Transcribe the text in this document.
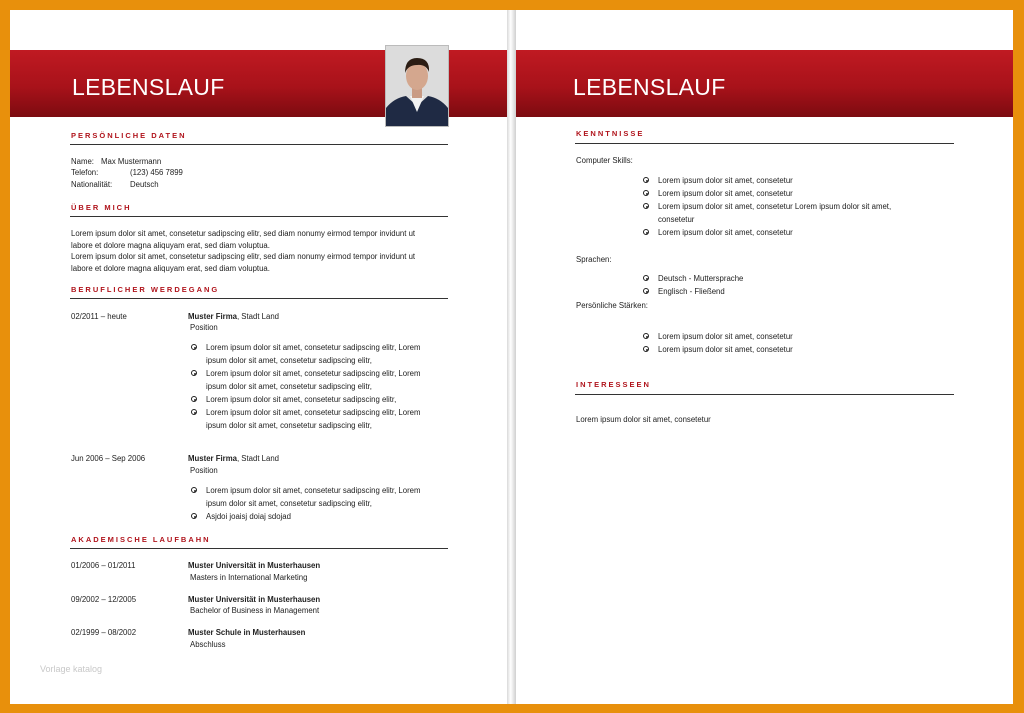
LEBENSLAUF
PERSÖNLICHE DATEN
Name: Max Mustermann
Telefon:	(123) 456 7899
Nationalität: Deutsch
ÜBER MICH
Lorem ipsum dolor sit amet, consetetur sadipscing elitr, sed diam nonumy eirmod tempor invidunt ut
labore et dolore magna aliquyam erat, sed diam voluptua.
Lorem ipsum dolor sit amet, consetetur sadipscing elitr, sed diam nonumy eirmod tempor invidunt ut
labore et dolore magna aliquyam erat, sed diam voluptua.
BERUFLICHER WERDEGANG
02/2011 – heute	Muster Firma, Stadt Land
Position
Lorem ipsum dolor sit amet, consetetur sadipscing elitr, Lorem
ipsum dolor sit amet, consetetur sadipscing elitr,
Lorem ipsum dolor sit amet, consetetur sadipscing elitr, Lorem
ipsum dolor sit amet, consetetur sadipscing elitr,
Lorem ipsum dolor sit amet, consetetur sadipscing elitr,
Lorem ipsum dolor sit amet, consetetur sadipscing elitr, Lorem
ipsum dolor sit amet, consetetur sadipscing elitr,
Jun 2006 – Sep 2006	Muster Firma, Stadt Land
Position
Lorem ipsum dolor sit amet, consetetur sadipscing elitr, Lorem
ipsum dolor sit amet, consetetur sadipscing elitr,
Asjdoi joaisj doiaj sdojad
AKADEMISCHE LAUFBAHN
01/2006 – 01/2011	Muster Universität in Musterhausen
Masters in International Marketing
09/2002 – 12/2005	Muster Universität in Musterhausen
Bachelor of Business in Management
02/1999 – 08/2002	Muster Schule in Musterhausen
Abschluss
Vorlage katalog
LEBENSLAUF
KENNTNISSE
Computer Skills:
Lorem ipsum dolor sit amet, consetetur
Lorem ipsum dolor sit amet, consetetur
Lorem ipsum dolor sit amet, consetetur Lorem ipsum dolor sit amet,
consetetur
Lorem ipsum dolor sit amet, consetetur
Sprachen:
Deutsch - Muttersprache
Englisch - Fließend
Persönliche Stärken:
Lorem ipsum dolor sit amet, consetetur
Lorem ipsum dolor sit amet, consetetur
INTERESSEEN
Lorem ipsum dolor sit amet, consetetur
